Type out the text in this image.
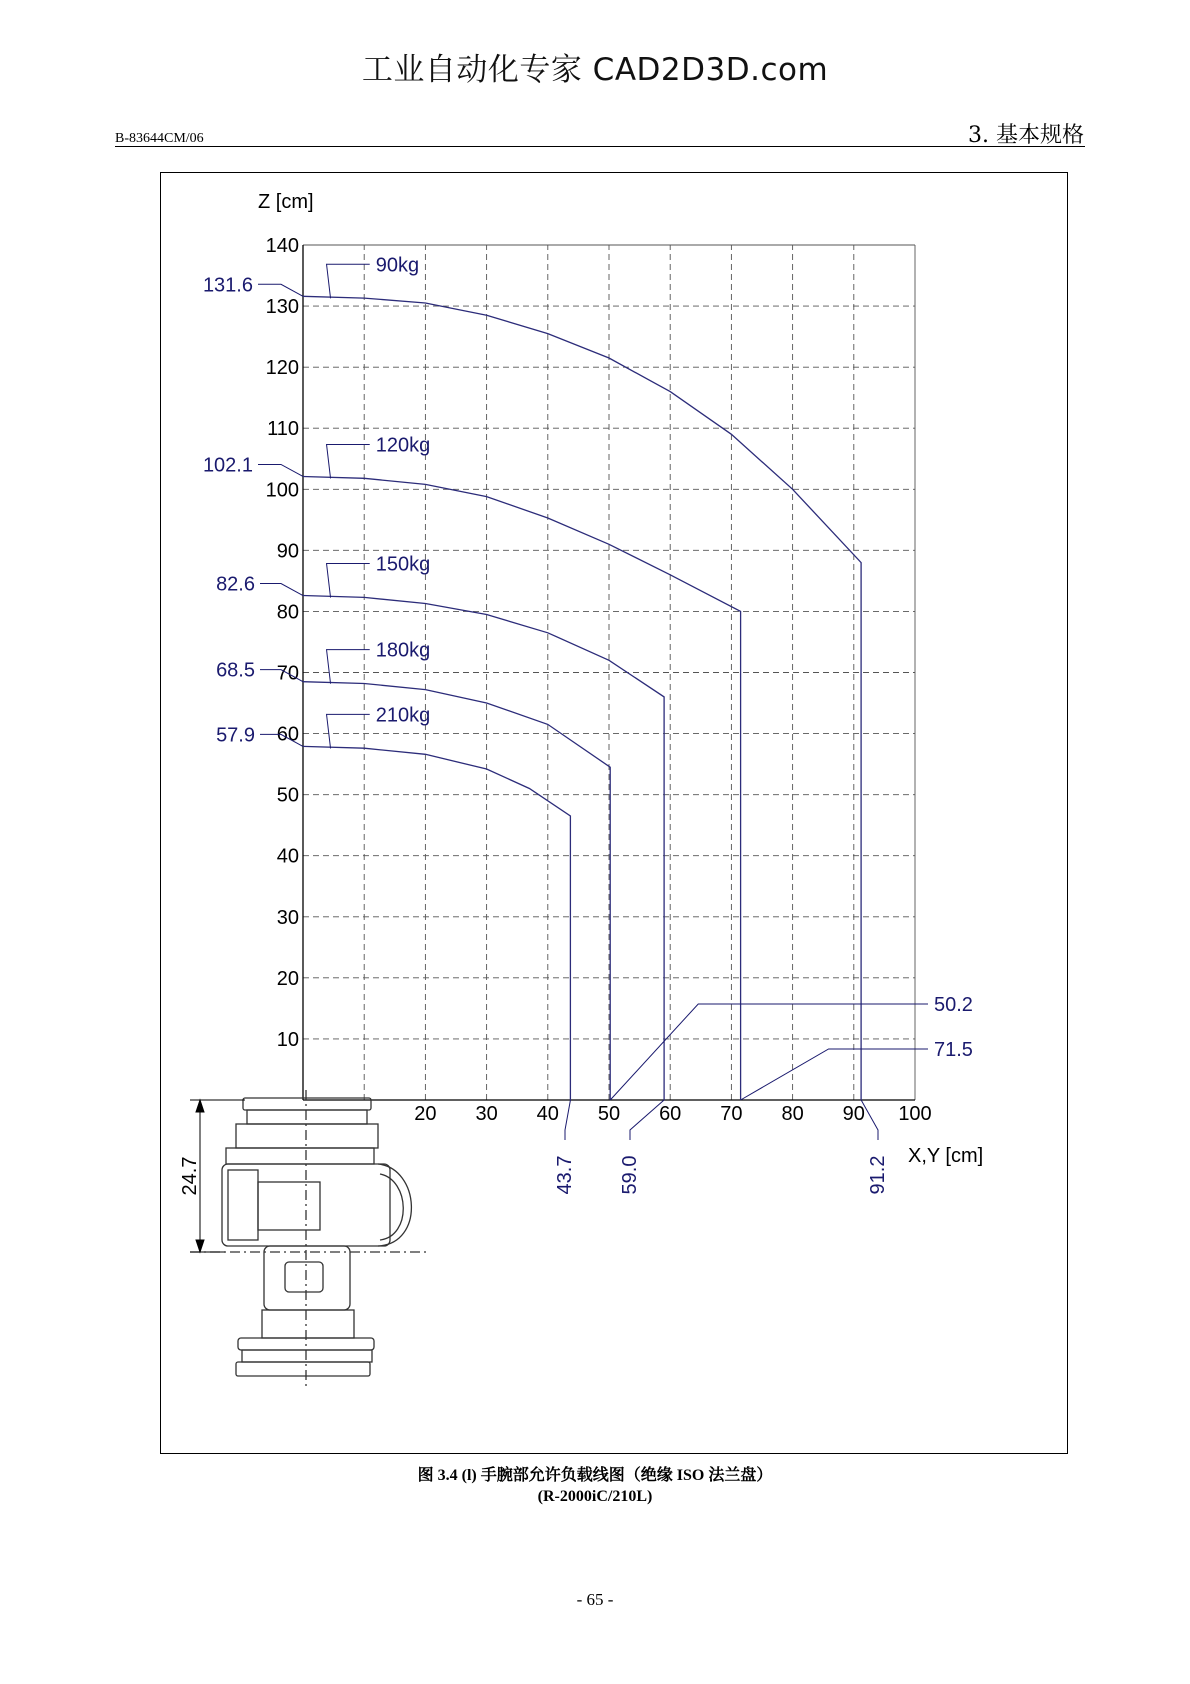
工业自动化专家 CAD2D3D.com
B-83644CM/06	3. 基本规格
20 30 40 50 60 70 80 90 100
10
20
30
40
50
60
70
80
90
100
110
120
130
140
Z [cm]
X,Y [cm]
90kg
131.6
91.2
120kg
102.1
71.5
150kg
82.6
59.0
180kg
68.5
50.2
210kg
57.9
43.7
24.7
图 3.4 (l) 手腕部允许负载线图（绝缘 ISO 法兰盘）
(R-2000iC/210L)
- 65 -
